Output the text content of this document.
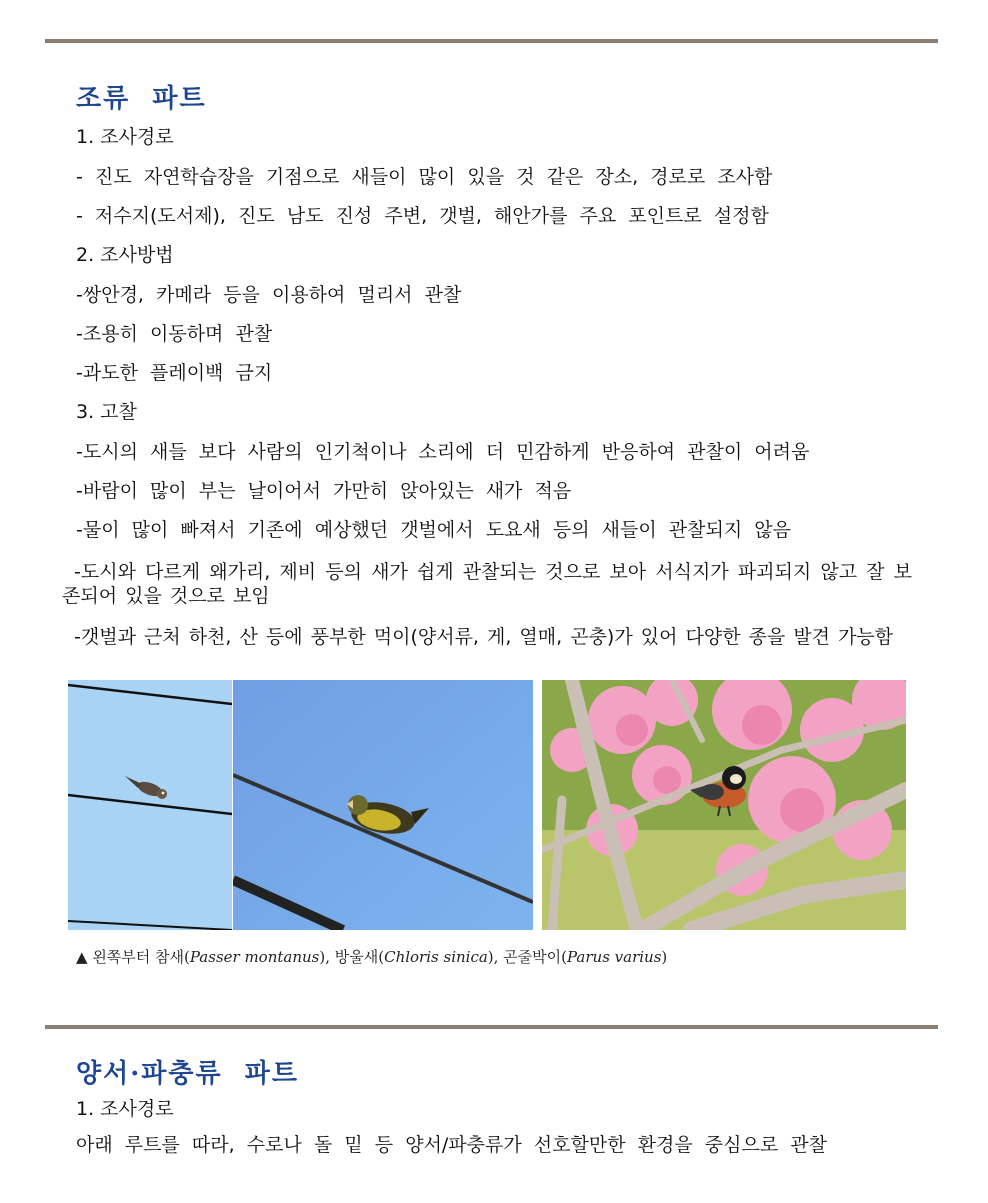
조류  파트

1. 조사경로

-  진도  자연학습장을  기점으로  새들이  많이  있을  것  같은  장소,  경로로  조사함

-  저수지(도서제),  진도  남도  진성  주변,  갯벌,  해안가를  주요  포인트로  설정함

2. 조사방법

-쌍안경,  카메라  등을  이용하여  멀리서  관찰

-조용히  이동하며  관찰

-과도한  플레이백  금지

3. 고찰

-도시의  새들  보다  사람의  인기척이나  소리에  더  민감하게  반응하여  관찰이  어려움

-바람이  많이  부는  날이어서  가만히  앉아있는  새가  적음

-물이  많이  빠져서  기존에  예상했던  갯벌에서  도요새  등의  새들이  관찰되지  않음

-도시와 다르게 왜가리, 제비 등의 새가 쉽게 관찰되는 것으로 보아 서식지가 파괴되지 않고 잘 보존되어 있을 것으로 보임

-갯벌과 근처 하천, 산 등에 풍부한 먹이(양서류, 게, 열매, 곤충)가 있어 다양한 종을 발견 가능함

▲ 왼쪽부터 참새(Passer montanus), 방울새(Chloris sinica), 곤줄박이(Parus varius)
양서·파충류  파트

1. 조사경로

아래  루트를  따라,  수로나  돌  밑  등  양서/파충류가  선호할만한  환경을  중심으로  관찰
